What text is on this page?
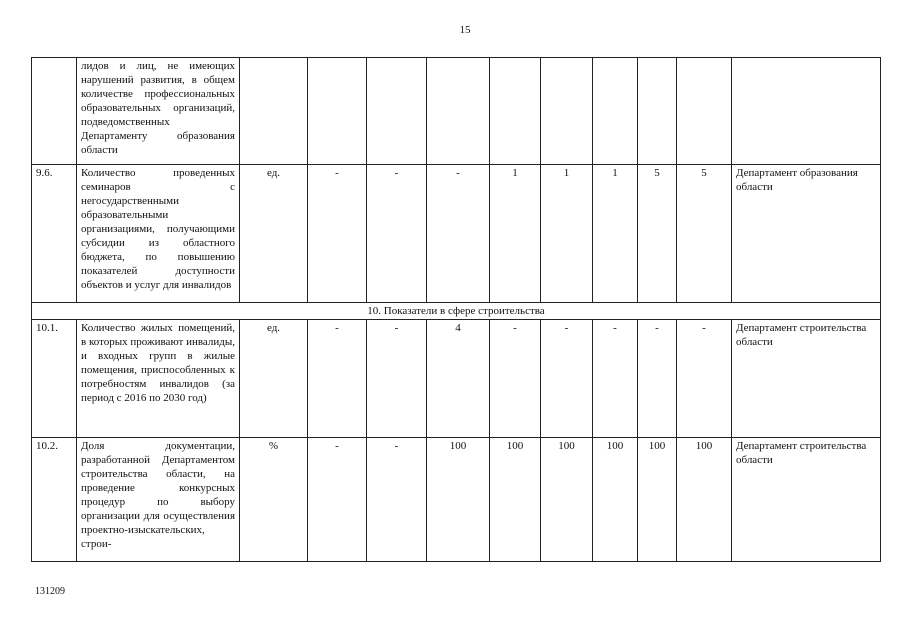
15
	лидов и лиц, не имеющих нарушений развития, в общем количестве профессиональных образовательных организаций, подведомственных Департаменту образования области										
9.6.	Количество проведенных семинаров с негосударственными образовательными организациями, получающими субсидии из областного бюджета, по повышению показателей доступности объектов и услуг для инвалидов	ед.	-	-	-	1	1	1	5	5	Департамент образования области
10. Показатели в сфере строительства											
10.1.	Количество жилых помещений, в которых проживают инвалиды, и входных групп в жилые помещения, приспособленных к потребностям инвалидов (за период с 2016 по 2030 год)	ед.	-	-	4	-	-	-	-	-	Департамент строительства области
10.2.	Доля документации, разработанной Департаментом строительства области, на проведение конкурсных процедур по выбору организации для осуществления проектно-изыскательских, строи-	%	-	-	100	100	100	100	100	100	Департамент строительства области
131209
